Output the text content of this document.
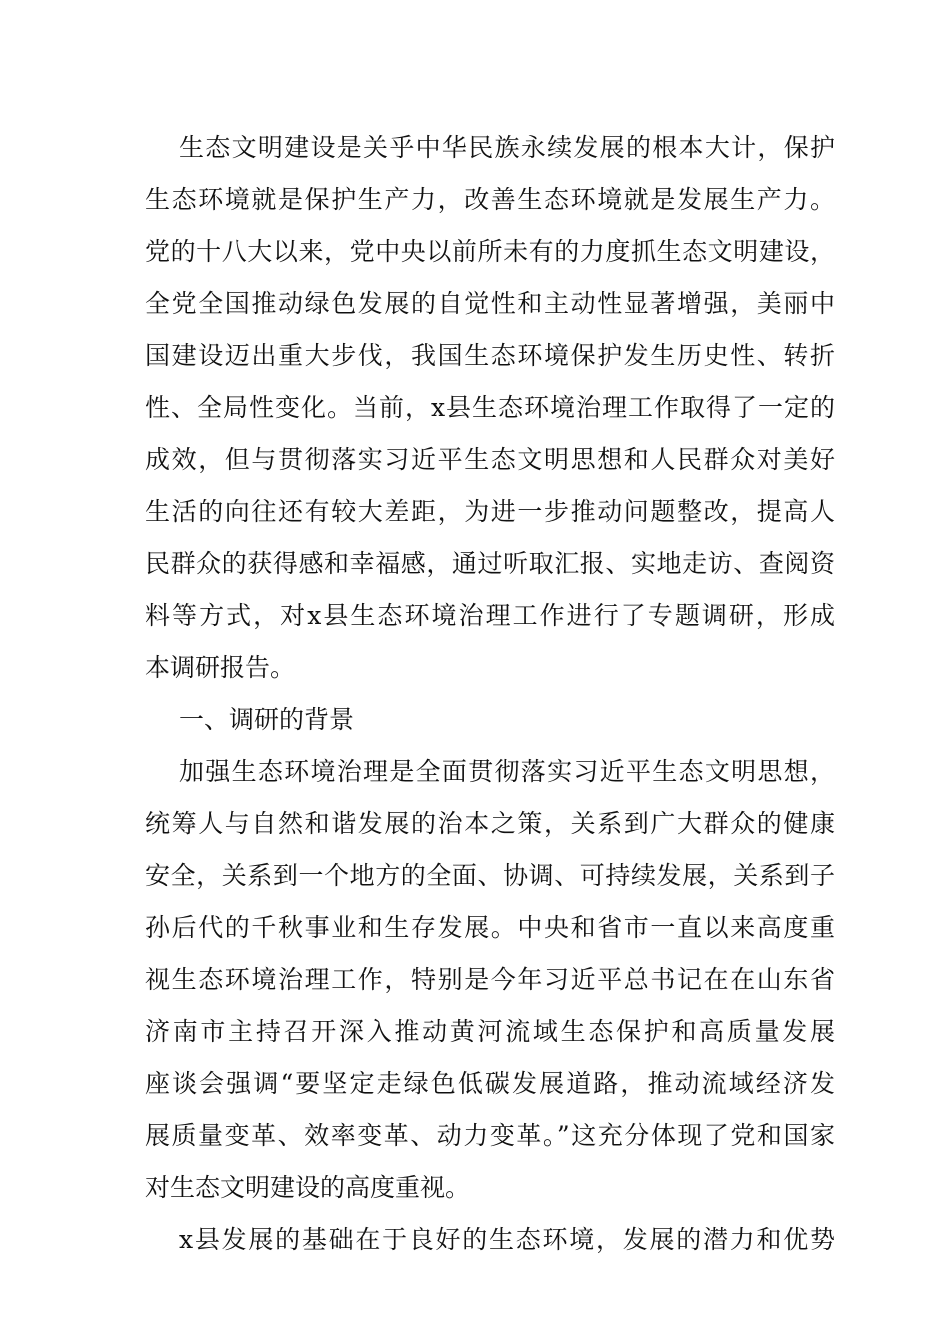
生态文明建设是关乎中华民族永续发展的根本大计，保护
生态环境就是保护生产力，改善生态环境就是发展生产力。
党的十八大以来，党中央以前所未有的力度抓生态文明建设，
全党全国推动绿色发展的自觉性和主动性显著增强，美丽中
国建设迈出重大步伐，我国生态环境保护发生历史性、转折
性、全局性变化。当前，x县生态环境治理工作取得了一定的
成效，但与贯彻落实习近平生态文明思想和人民群众对美好
生活的向往还有较大差距，为进一步推动问题整改，提高人
民群众的获得感和幸福感，通过听取汇报、实地走访、查阅资
料等方式，对x县生态环境治理工作进行了专题调研，形成
本调研报告。
一、调研的背景
加强生态环境治理是全面贯彻落实习近平生态文明思想，
统筹人与自然和谐发展的治本之策，关系到广大群众的健康
安全，关系到一个地方的全面、协调、可持续发展，关系到子
孙后代的千秋事业和生存发展。中央和省市一直以来高度重
视生态环境治理工作，特别是今年习近平总书记在在山东省
济南市主持召开深入推动黄河流域生态保护和高质量发展
座谈会强调“要坚定走绿色低碳发展道路，推动流域经济发
展质量变革、效率变革、动力变革。”这充分体现了党和国家
对生态文明建设的高度重视。
x县发展的基础在于良好的生态环境，发展的潜力和优势
